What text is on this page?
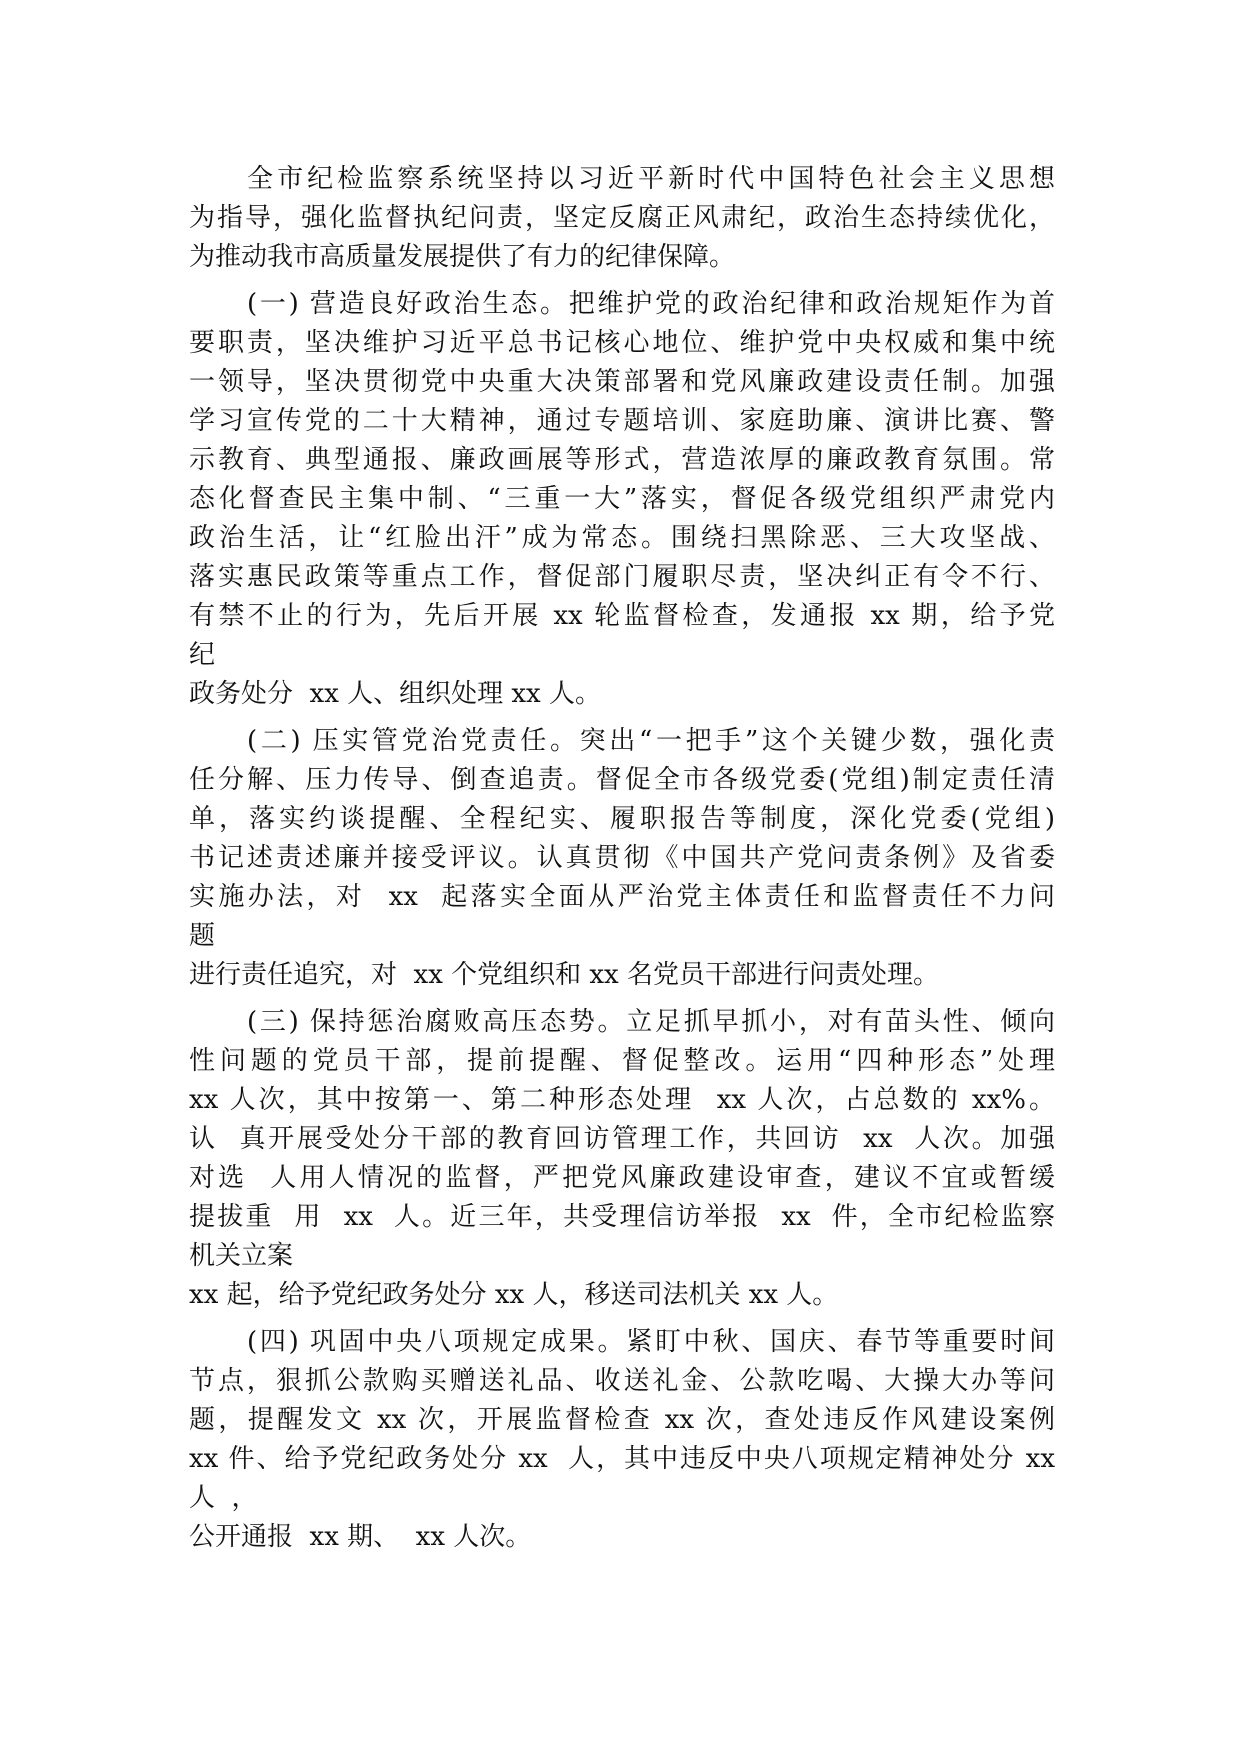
全市纪检监察系统坚持以习近平新时代中国特色社会主义思想
为指导，强化监督执纪问责，坚定反腐正风肃纪，政治生态持续优化，
为推动我市高质量发展提供了有力的纪律保障。
(一) 营造良好政治生态。把维护党的政治纪律和政治规矩作为首
要职责，坚决维护习近平总书记核心地位、维护党中央权威和集中统
一领导，坚决贯彻党中央重大决策部署和党风廉政建设责任制。加强
学习宣传党的二十大精神，通过专题培训、家庭助廉、演讲比赛、警
示教育、典型通报、廉政画展等形式，营造浓厚的廉政教育氛围。常
态化督查民主集中制、“三重一大”落实，督促各级党组织严肃党内
政治生活，让“红脸出汗”成为常态。围绕扫黑除恶、三大攻坚战、
落实惠民政策等重点工作，督促部门履职尽责，坚决纠正有令不行、
有禁不止的行为，先后开展 xx 轮监督检查，发通报 xx 期，给予党
纪
政务处分  xx 人、组织处理 xx 人。
(二) 压实管党治党责任。突出“一把手”这个关键少数，强化责
任分解、压力传导、倒查追责。督促全市各级党委(党组)制定责任清
单，落实约谈提醒、全程纪实、履职报告等制度，深化党委(党组)
书记述责述廉并接受评议。认真贯彻《中国共产党问责条例》及省委
实施办法，对  xx  起落实全面从严治党主体责任和监督责任不力问
题
进行责任追究，对  xx 个党组织和 xx 名党员干部进行问责处理。
(三) 保持惩治腐败高压态势。立足抓早抓小，对有苗头性、倾向
性问题的党员干部，提前提醒、督促整改。运用“四种形态”处理
xx 人次，其中按第一、第二种形态处理  xx 人次，占总数的 xx%。
认  真开展受处分干部的教育回访管理工作，共回访  xx  人次。加强
对选  人用人情况的监督，严把党风廉政建设审查，建议不宜或暂缓
提拔重  用  xx  人。近三年，共受理信访举报  xx  件，全市纪检监察
机关立案
xx 起，给予党纪政务处分 xx 人，移送司法机关 xx 人。
(四) 巩固中央八项规定成果。紧盯中秋、国庆、春节等重要时间
节点，狠抓公款购买赠送礼品、收送礼金、公款吃喝、大操大办等问
题，提醒发文 xx 次，开展监督检查 xx 次，查处违反作风建设案例
xx 件、给予党纪政务处分 xx  人，其中违反中央八项规定精神处分 xx
人  ，
公开通报  xx 期、  xx 人次。
